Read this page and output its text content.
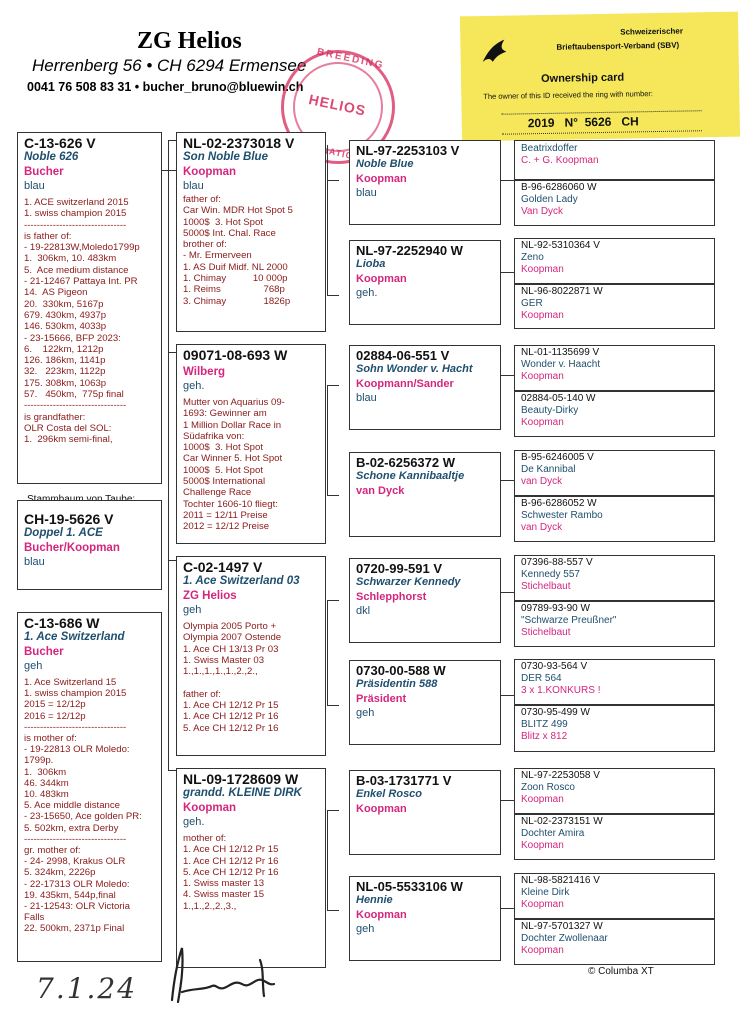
ZG Helios
Herrenberg 56 • CH 6294 Ermensee
0041 76 508 83 31 • bucher_bruno@bluewin.ch
BREEDING
HELIOS
Schweizerischer
Brieftaubensport-Verband (SBV)
Ownership card
The owner of this ID received the ring with number:
2019 N° 5626 CH
C-13-626 V
Noble 626
Bucher
blau
1. ACE switzerland 2015
1. swiss champion 2015
--------------------------------
is father of:
- 19-22813W,Moledo1799p
1.  306km, 10. 483km
5.  Ace medium distance
- 21-12467 Pattaya Int. PR
14.  AS Pigeon
20.  330km, 5167p
679. 430km, 4937p
146. 530km, 4033p
- 23-15666, BFP 2023:
6.    122km, 1212p
126. 186km, 1141p
32.   223km, 1122p
175. 308km, 1063p
57.   450km,  775p final
--------------------------------
is grandfather:
OLR Costa del SOL:
1.  296km semi-final,
CH-19-5626 V
Doppel 1. ACE
Bucher/Koopman
blau
C-13-686 W
1. Ace Switzerland
Bucher
geh
1. Ace Switzerland 15
1. swiss champion 2015
2015 = 12/12p
2016 = 12/12p
--------------------------------
is mother of:
- 19-22813 OLR Moledo:
1799p.
1.  306km
46. 344km
10. 483km
5. Ace middle distance
- 23-15650, Ace golden PR:
5. 502km, extra Derby
--------------------------------
gr. mother of:
- 24- 2998, Krakus OLR
5. 324km, 2226p
- 22-17313 OLR Moledo:
19. 435km, 544p,final
- 21-12543: OLR Victoria
Falls
22. 500km, 2371p Final
NL-02-2373018 V
Son Noble Blue
Koopman
blau
father of:
Car Win. MDR Hot Spot 5
1000$  3. Hot Spot
5000$ Int. Chal. Race
brother of:
- Mr. Ermerveen
1. AS Duif Midf. NL 2000
1. Chimay          10 000p
1. Reims                768p
3. Chimay              1826p
09071-08-693 W
Wilberg
geh.
Mutter von Aquarius 09-
1693: Gewinner am
1 Million Dollar Race in
Südafrika von:
1000$  3. Hot Spot
Car Winner 5. Hot Spot
1000$  5. Hot Spot
5000$ International
Challenge Race
Tochter 1606-10 fliegt:
2011 = 12/11 Preise
2012 = 12/12 Preise
C-02-1497 V
1. Ace Switzerland 03
ZG Helios
geh
Olympia 2005 Porto +
Olympia 2007 Ostende
1. Ace CH 13/13 Pr 03
1. Swiss Master 03
1.,1.,1.,1.,1.,2.,2.,

father of:
1. Ace CH 12/12 Pr 15
1. Ace CH 12/12 Pr 16
5. Ace CH 12/12 Pr 16
NL-09-1728609 W
grandd. KLEINE DIRK
Koopman
geh.
mother of:
1. Ace CH 12/12 Pr 15
1. Ace CH 12/12 Pr 16
5. Ace CH 12/12 Pr 16
1. Swiss master 13
4. Swiss master 15
1.,1.,2.,2.,3.,
NL-97-2253103 V
Noble Blue
Koopman
blau
NL-97-2252940 W
Lioba
Koopman
geh.
02884-06-551 V
Sohn Wonder v. Hacht
Koopmann/Sander
blau
B-02-6256372 W
Schone Kannibaaltje
van Dyck
0720-99-591 V
Schwarzer Kennedy
Schlepphorst
dkl
0730-00-588 W
Präsidentin 588
Präsident
geh
B-03-1731771 V
Enkel Rosco
Koopman
NL-05-5533106 W
Hennie
Koopman
geh
Beatrixdoffer
C. + G. Koopman
B-96-6286060 W
Golden Lady
Van Dyck
NL-92-5310364 V
Zeno
Koopman
NL-96-8022871 W
GER
Koopman
NL-01-1135699 V
Wonder v. Haacht
Koopman
02884-05-140 W
Beauty-Dirky
Koopman
B-95-6246005 V
De Kannibal
van Dyck
B-96-6286052 W
Schwester Rambo
van Dyck
07396-88-557 V
Kennedy 557
Stichelbaut
09789-93-90 W
"Schwarze Preußner"
Stichelbaut
0730-93-564 V
DER 564
3 x 1.KONKURS !
0730-95-499 W
BLITZ 499
Blitz x 812
NL-97-2253058 V
Zoon Rosco
Koopman
NL-02-2373151 W
Dochter Amira
Koopman
NL-98-5821416 V
Kleine Dirk
Koopman
NL-97-5701327 W
Dochter Zwollenaar
Koopman
© Columba XT
7.1.24
